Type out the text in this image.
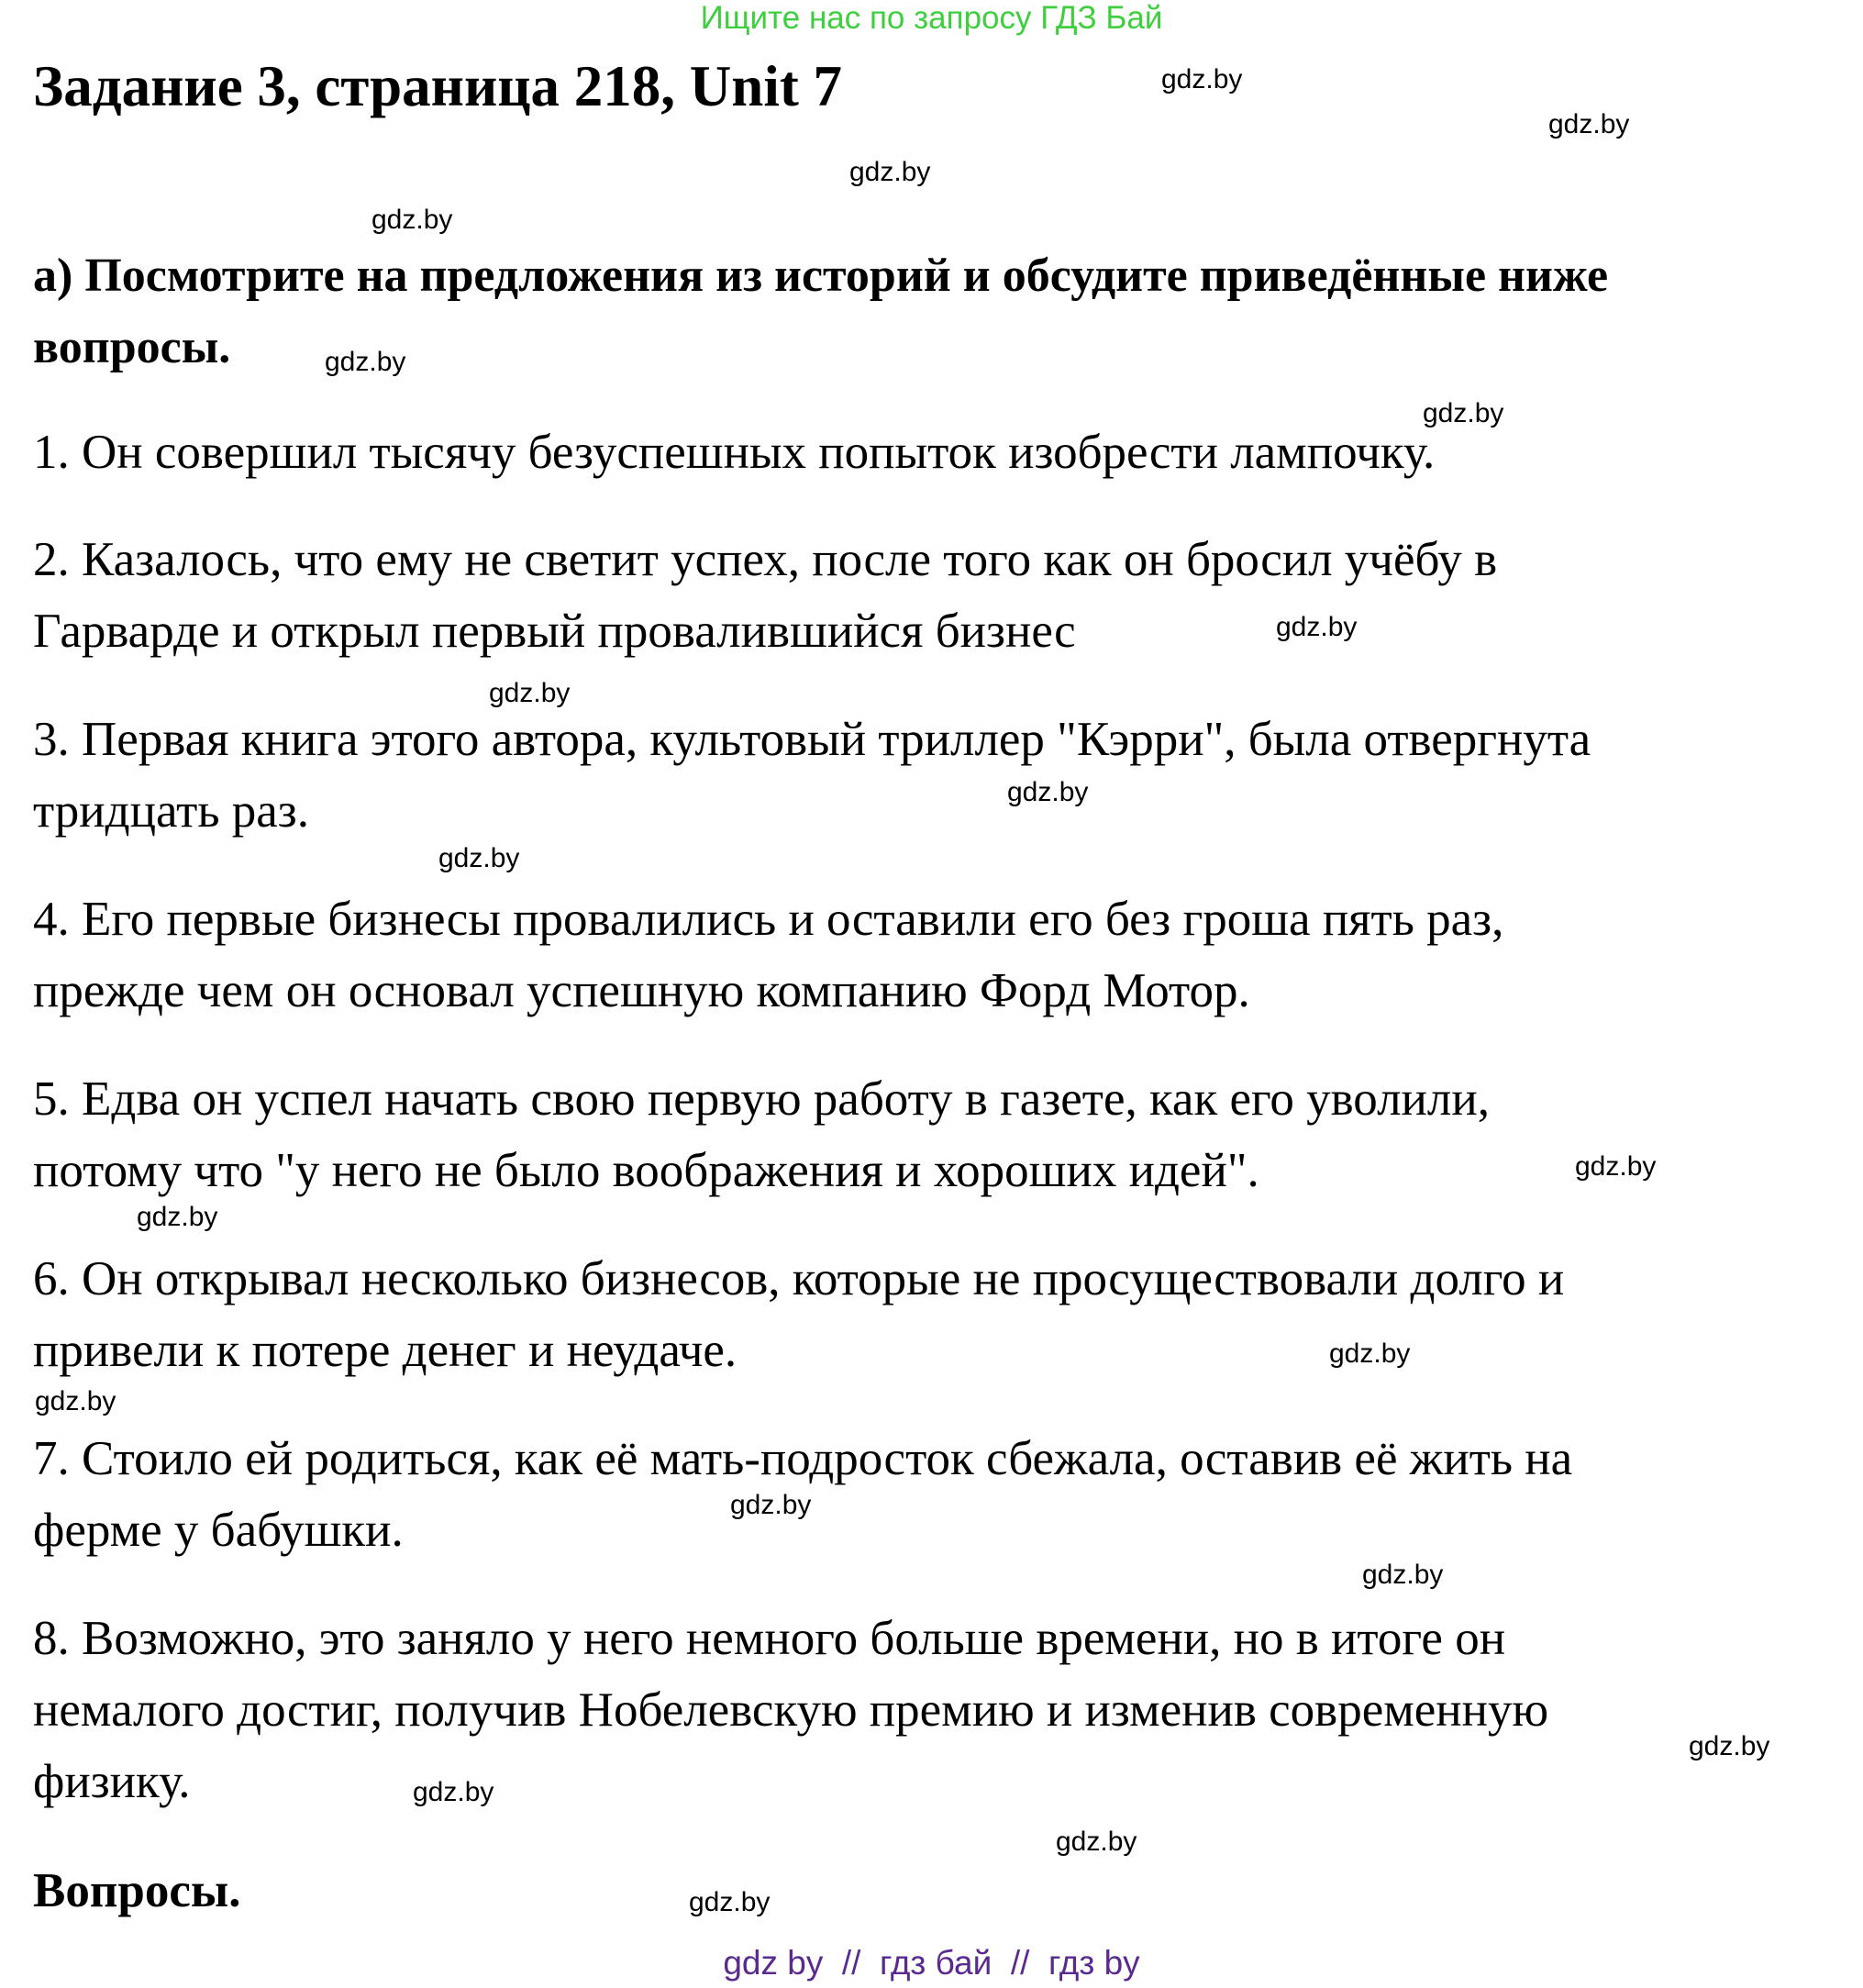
Ищите нас по запросу ГДЗ Бай
Задание 3, страница 218, Unit 7
а) Посмотрите на предложения из историй и обсудите приведённые ниже
вопросы.
1. Он совершил тысячу безуспешных попыток изобрести лампочку.
2. Казалось, что ему не светит успех, после того как он бросил учёбу в
Гарварде и открыл первый провалившийся бизнес
3. Первая книга этого автора, культовый триллер "Кэрри", была отвергнута
тридцать раз.
4. Его первые бизнесы провалились и оставили его без гроша пять раз,
прежде чем он основал успешную компанию Форд Мотор.
5. Едва он успел начать свою первую работу в газете, как его уволили,
потому что "у него не было воображения и хороших идей".
6. Он открывал несколько бизнесов, которые не просуществовали долго и
привели к потере денег и неудаче.
7. Стоило ей родиться, как её мать-подросток сбежала, оставив её жить на
ферме у бабушки.
8. Возможно, это заняло у него немного больше времени, но в итоге он
немалого достиг, получив Нобелевскую премию и изменив современную
физику.
Вопросы.
gdz.by
gdz.by
gdz.by
gdz.by
gdz.by
gdz.by
gdz.by
gdz.by
gdz.by
gdz.by
gdz.by
gdz.by
gdz.by
gdz.by
gdz.by
gdz.by
gdz.by
gdz.by
gdz.by
gdz.by
gdz by  //  гдз бай  //  гдз by
